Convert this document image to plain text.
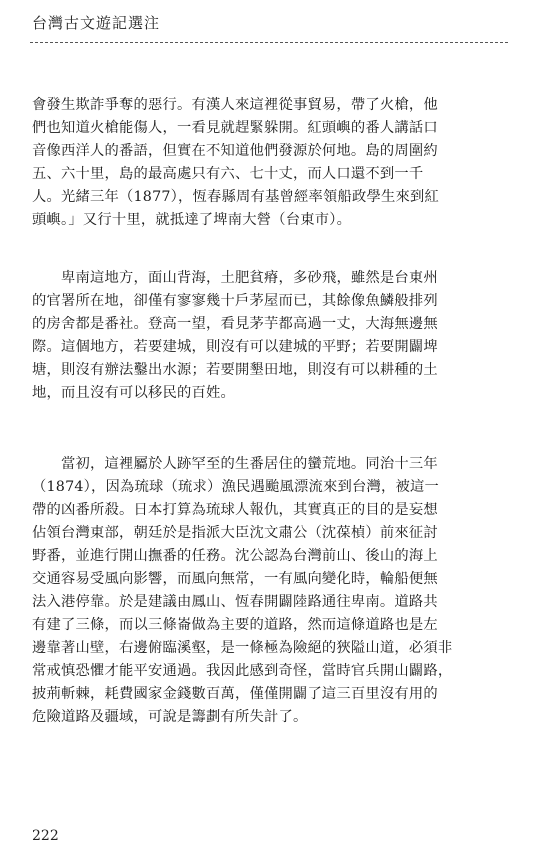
台灣古文遊記選注
會發生欺詐爭奪的惡行。有漢人來這裡從事貿易，帶了火槍，他
們也知道火槍能傷人，一看見就趕緊躲開。紅頭嶼的番人講話口
音像西洋人的番語，但實在不知道他們發源於何地。島的周圍約
五、六十里，島的最高處只有六、七十丈，而人口還不到一千
人。光緒三年（1877），恆春縣周有基曾經率領船政學生來到紅
頭嶼。」又行十里，就抵達了埤南大營（台東市）。
卑南這地方，面山背海，土肥貧瘠，多砂飛，雖然是台東州
的官署所在地，卻僅有寥寥幾十戶茅屋而已，其餘像魚鱗般排列
的房舍都是番社。登高一望，看見茅芋都高過一丈，大海無邊無
際。這個地方，若要建城，則沒有可以建城的平野；若要開闢埤
塘，則沒有辦法鑿出水源；若要開墾田地，則沒有可以耕種的土
地，而且沒有可以移民的百姓。
當初，這裡屬於人跡罕至的生番居住的蠻荒地。同治十三年
（1874），因為琉球（琉求）漁民遇颱風漂流來到台灣，被這一
帶的凶番所殺。日本打算為琉球人報仇，其實真正的目的是妄想
佔領台灣東部，朝廷於是指派大臣沈文肅公（沈葆楨）前來征討
野番，並進行開山撫番的任務。沈公認為台灣前山、後山的海上
交通容易受風向影響，而風向無常，一有風向變化時，輪船便無
法入港停靠。於是建議由鳳山、恆春開闢陸路通往卑南。道路共
有建了三條，而以三條崙做為主要的道路，然而這條道路也是左
邊靠著山壁，右邊俯臨溪壑，是一條極為險絕的狹隘山道，必須非
常戒慎恐懼才能平安通過。我因此感到奇怪，當時官兵開山闢路，
披荊斬棘，耗費國家金錢數百萬，僅僅開闢了這三百里沒有用的
危險道路及疆域，可說是籌劃有所失計了。
222
